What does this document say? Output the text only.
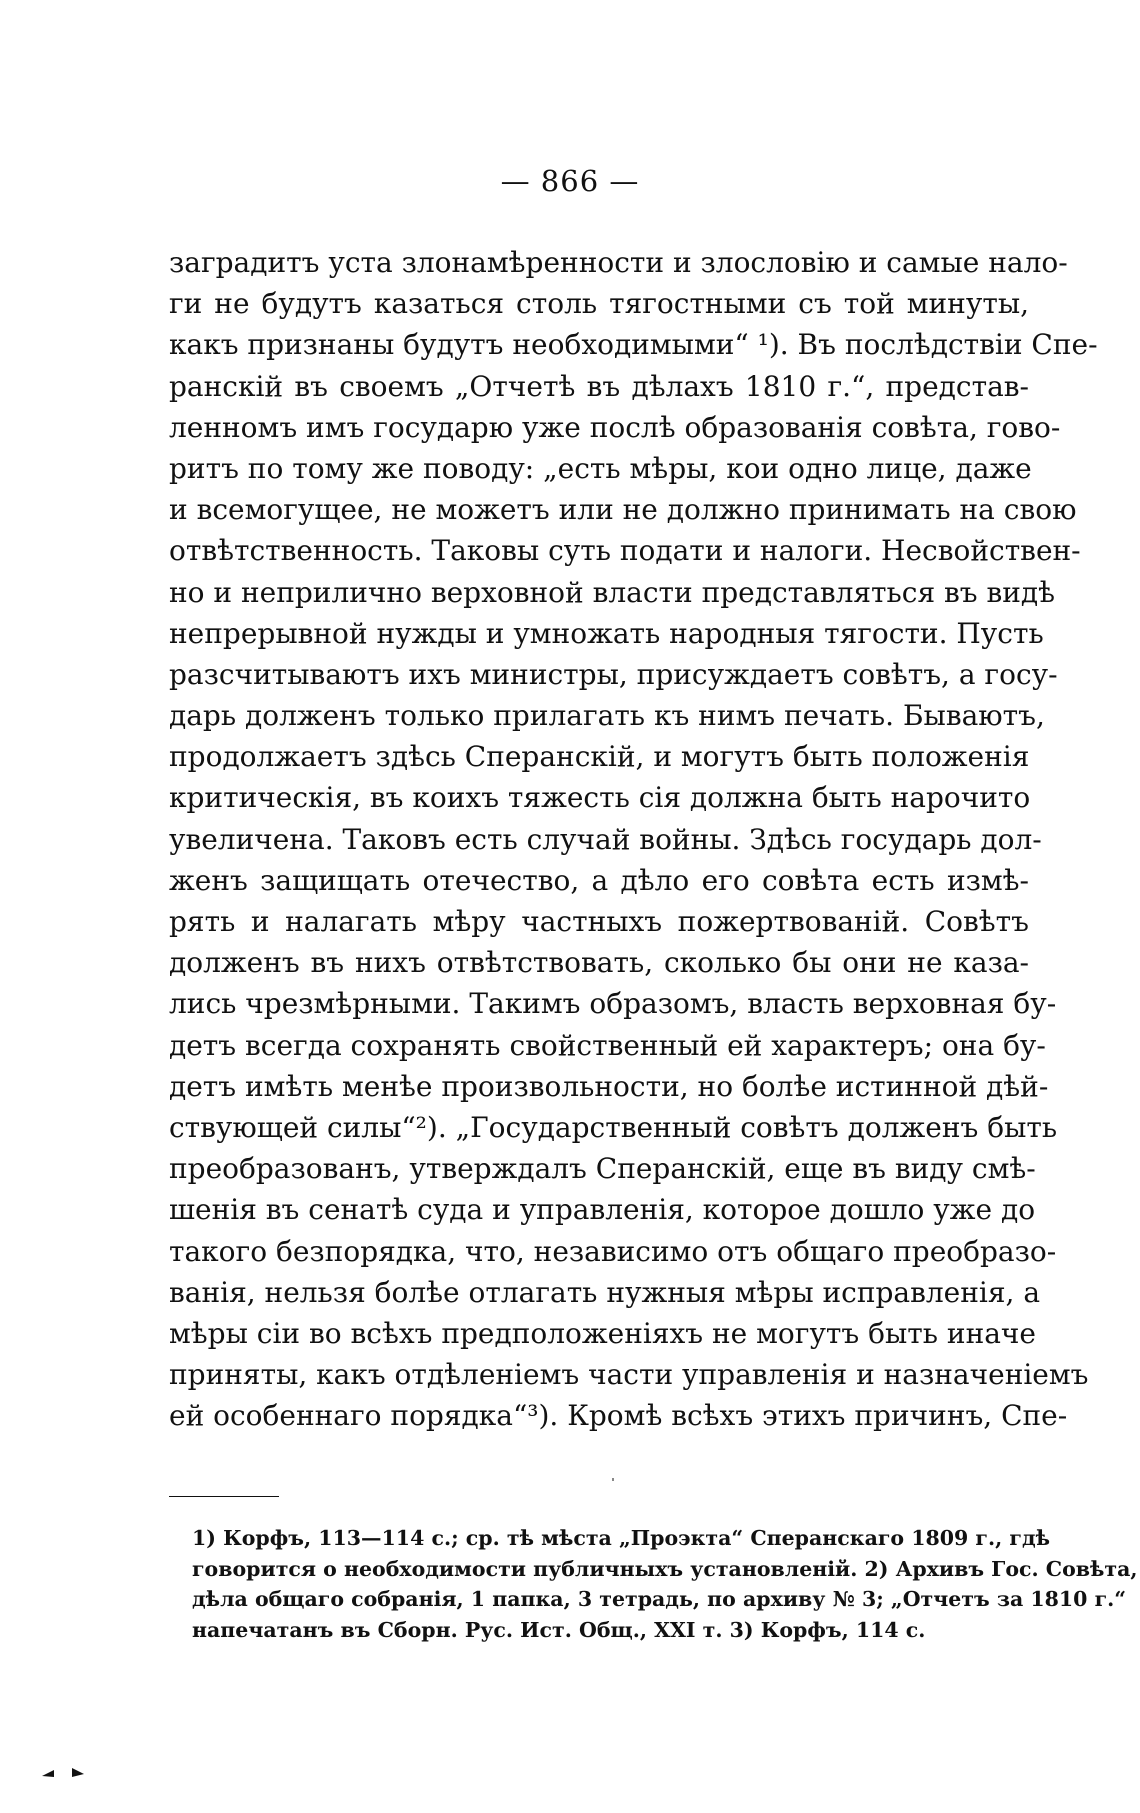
— 866 —
заградитъ уста злонамѣренности и злословію и самые нало-
ги не будутъ казаться столь тягостными съ той минуты,
какъ признаны будутъ необходимыми“ ¹). Въ послѣдствіи Спе-
ранскій въ своемъ „Отчетѣ въ дѣлахъ 1810 г.“, представ-
ленномъ имъ государю уже послѣ образованія совѣта, гово-
ритъ по тому же поводу: „есть мѣры, кои одно лице, даже
и всемогущее, не можетъ или не должно принимать на свою
отвѣтственность. Таковы суть подати и налоги. Несвойствен-
но и неприлично верховной власти представляться въ видѣ
непрерывной нужды и умножать народныя тягости. Пусть
разсчитываютъ ихъ министры, присуждаетъ совѣтъ, а госу-
дарь долженъ только прилагать къ нимъ печать. Бываютъ,
продолжаетъ здѣсь Сперанскій, и могутъ быть положенія
критическія, въ коихъ тяжесть сія должна быть нарочито
увеличена. Таковъ есть случай войны. Здѣсь государь дол-
женъ защищать отечество, а дѣло его совѣта есть измѣ-
рять и налагать мѣру частныхъ пожертвованій. Совѣтъ
долженъ въ нихъ отвѣтствовать, сколько бы они не каза-
лись чрезмѣрными. Такимъ образомъ, власть верховная бу-
детъ всегда сохранять свойственный ей характеръ; она бу-
детъ имѣть менѣе произвольности, но болѣе истинной дѣй-
ствующей силы“²). „Государственный совѣтъ долженъ быть
преобразованъ, утверждалъ Сперанскій, еще въ виду смѣ-
шенія въ сенатѣ суда и управленія, которое дошло уже до
такого безпорядка, что, независимо отъ общаго преобразо-
ванія, нельзя болѣе отлагать нужныя мѣры исправленія, а
мѣры сіи во всѣхъ предположеніяхъ не могутъ быть иначе
приняты, какъ отдѣленіемъ части управленія и назначеніемъ
ей особеннаго порядка“³). Кромѣ всѣхъ этихъ причинъ, Спе-
1) Корфъ, 113—114 с.; ср. тѣ мѣста „Проэкта“ Сперанскаго 1809 г., гдѣ
говорится о необходимости публичныхъ установленій. 2) Архивъ Гос. Совѣта,
дѣла общаго собранія, 1 папка, 3 тетрадь, по архиву № 3; „Отчетъ за 1810 г.“
напечатанъ въ Сборн. Рус. Ист. Общ., XXI т. 3) Корфъ, 114 с.
